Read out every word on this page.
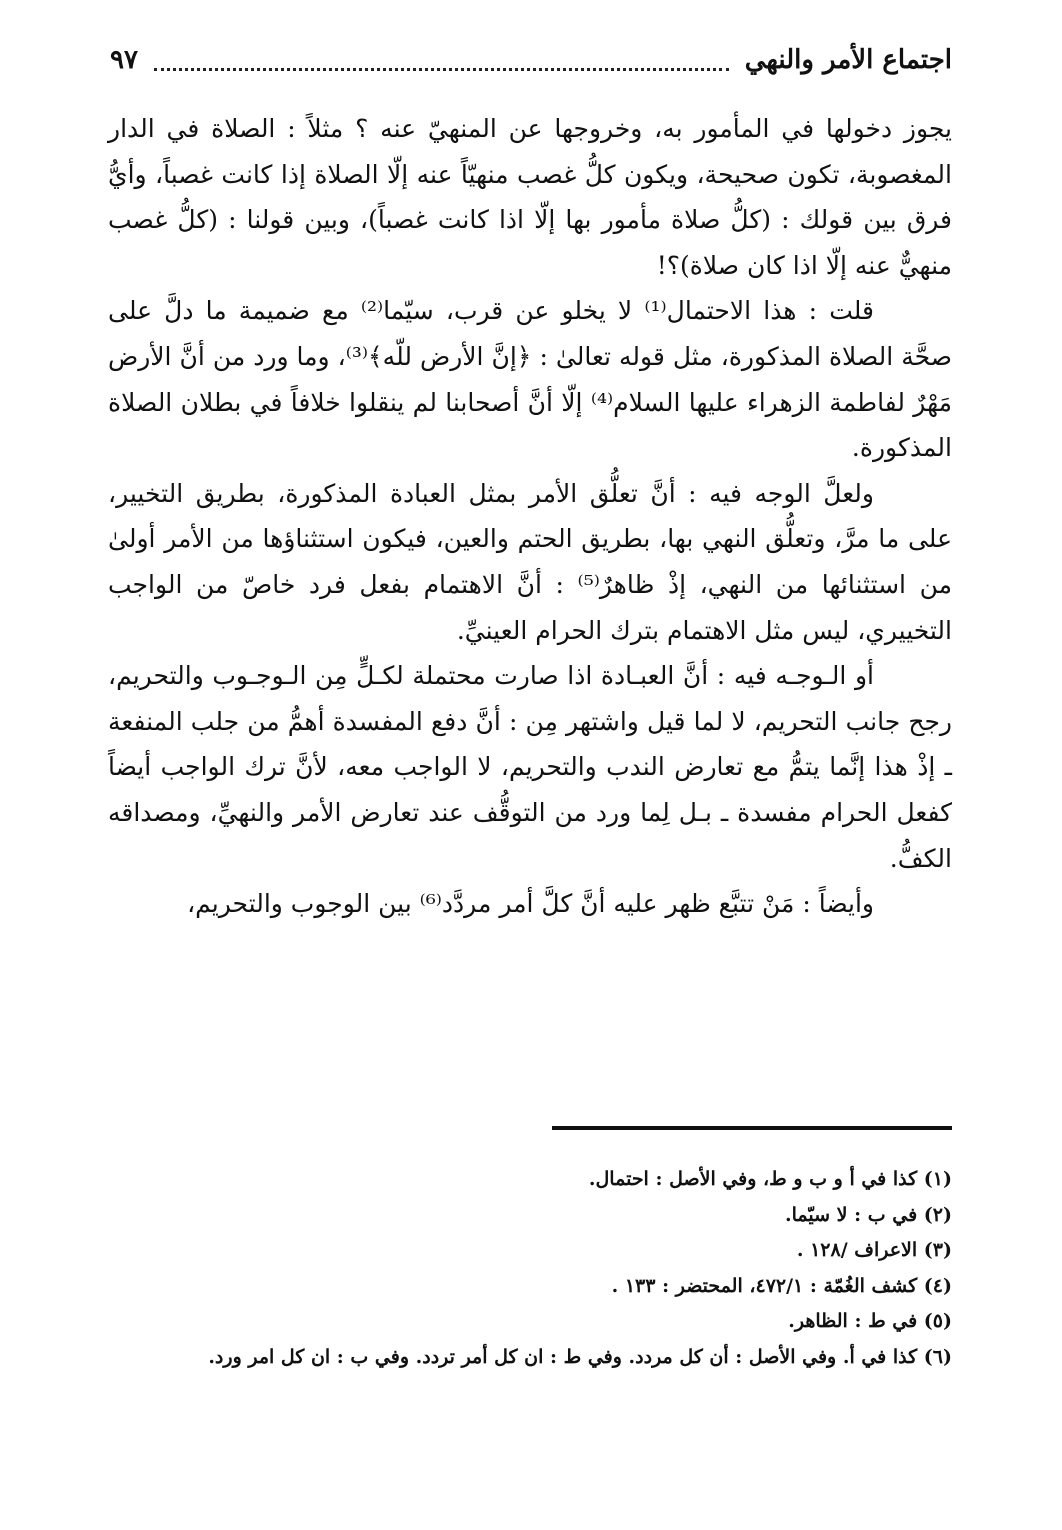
اجتماع الأمر والنهي
٩٧

يجوز دخولها في المأمور به، وخروجها عن المنهيّ عنه ؟ مثلاً : الصلاة في الدار المغصوبة، تكون صحيحة، ويكون كلُّ غصب منهيّاً عنه إلّا الصلاة إذا كانت غصباً، وأيُّ فرق بين قولك : (كلُّ صلاة مأمور بها إلّا اذا كانت غصباً)، وبين قولنا : (كلُّ غصب منهيٌّ عنه إلّا اذا كان صلاة)؟!

قلت : هذا الاحتمال⁽¹⁾ لا يخلو عن قرب، سيّما⁽²⁾ مع ضميمة ما دلَّ على صحَّة الصلاة المذكورة، مثل قوله تعالىٰ : ﴿إنَّ الأرض للّه﴾⁽³⁾، وما ورد من أنَّ الأرض مَهْرٌ لفاطمة الزهراء عليها السلام⁽⁴⁾ إلّا أنَّ أصحابنا لم ينقلوا خلافاً في بطلان الصلاة المذكورة.

ولعلَّ الوجه فيه : أنَّ تعلُّق الأمر بمثل العبادة المذكورة، بطريق التخيير، على ما مرَّ، وتعلُّق النهي بها، بطريق الحتم والعين، فيكون استثناؤها من الأمر أولىٰ من استثنائها من النهي، إذْ ظاهرٌ⁽⁵⁾ : أنَّ الاهتمام بفعل فرد خاصّ من الواجب التخييري، ليس مثل الاهتمام بترك الحرام العينيِّ.

أو الـوجـه فيه : أنَّ العبـادة اذا صارت محتملة لكـلٍّ مِن الـوجـوب والتحريم، رجح جانب التحريم، لا لما قيل واشتهر مِن : أنَّ دفع المفسدة أهمُّ من جلب المنفعة ـ إذْ هذا إنَّما يتمُّ مع تعارض الندب والتحريم، لا الواجب معه، لأنَّ ترك الواجب أيضاً كفعل الحرام مفسدة ـ بـل لِما ورد من التوقُّف عند تعارض الأمر والنهيِّ، ومصداقه الكفُّ.

وأيضاً : مَنْ تتبَّع ظهر عليه أنَّ كلَّ أمر مردَّد⁽⁶⁾ بين الوجوب والتحريم،

(١) كذا في أ و ب و ط، وفي الأصل : احتمال.
(٢) في ب : لا سيّما.
(٣) الاعراف /١٢٨ .
(٤) كشف الغُمّة : ٤٧٢/١، المحتضر : ١٣٣ .
(٥) في ط : الظاهر.
(٦) كذا في أ. وفي الأصل : أن كل مردد. وفي ط : ان كل أمر تردد. وفي ب : ان كل امر ورد.
